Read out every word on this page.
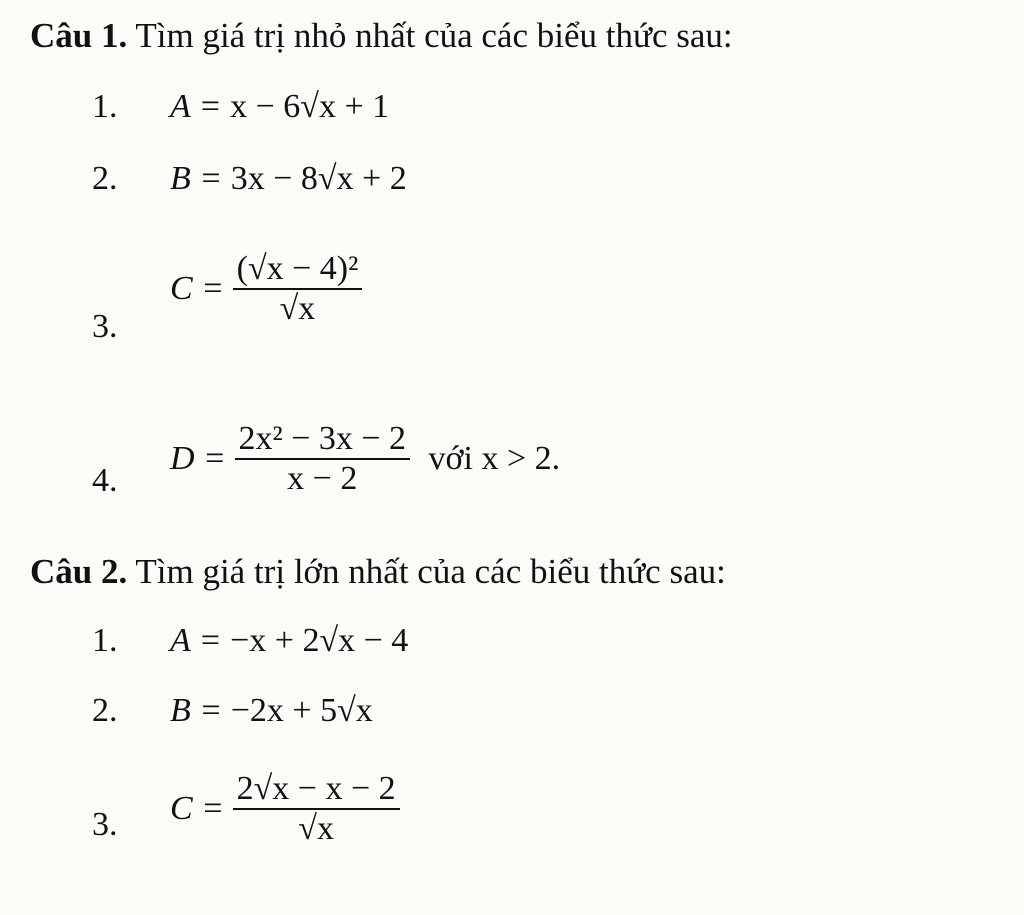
Câu 1. Tìm giá trị nhỏ nhất của các biểu thức sau:
1. A = x − 6√x + 1
2. B = 3x − 8√x + 2
3.
$C = \frac{\text{(√x − 4)²}}{√x}$
4.
$D = \frac{\text{2x² − 3x − 2}}{x - 2}$ với x > 2.
Câu 2. Tìm giá trị lớn nhất của các biểu thức sau:
1. A = −x + 2√x − 4
2. B = −2x + 5√x
3. $C = \frac{2√x - x - 2}{√x}$
